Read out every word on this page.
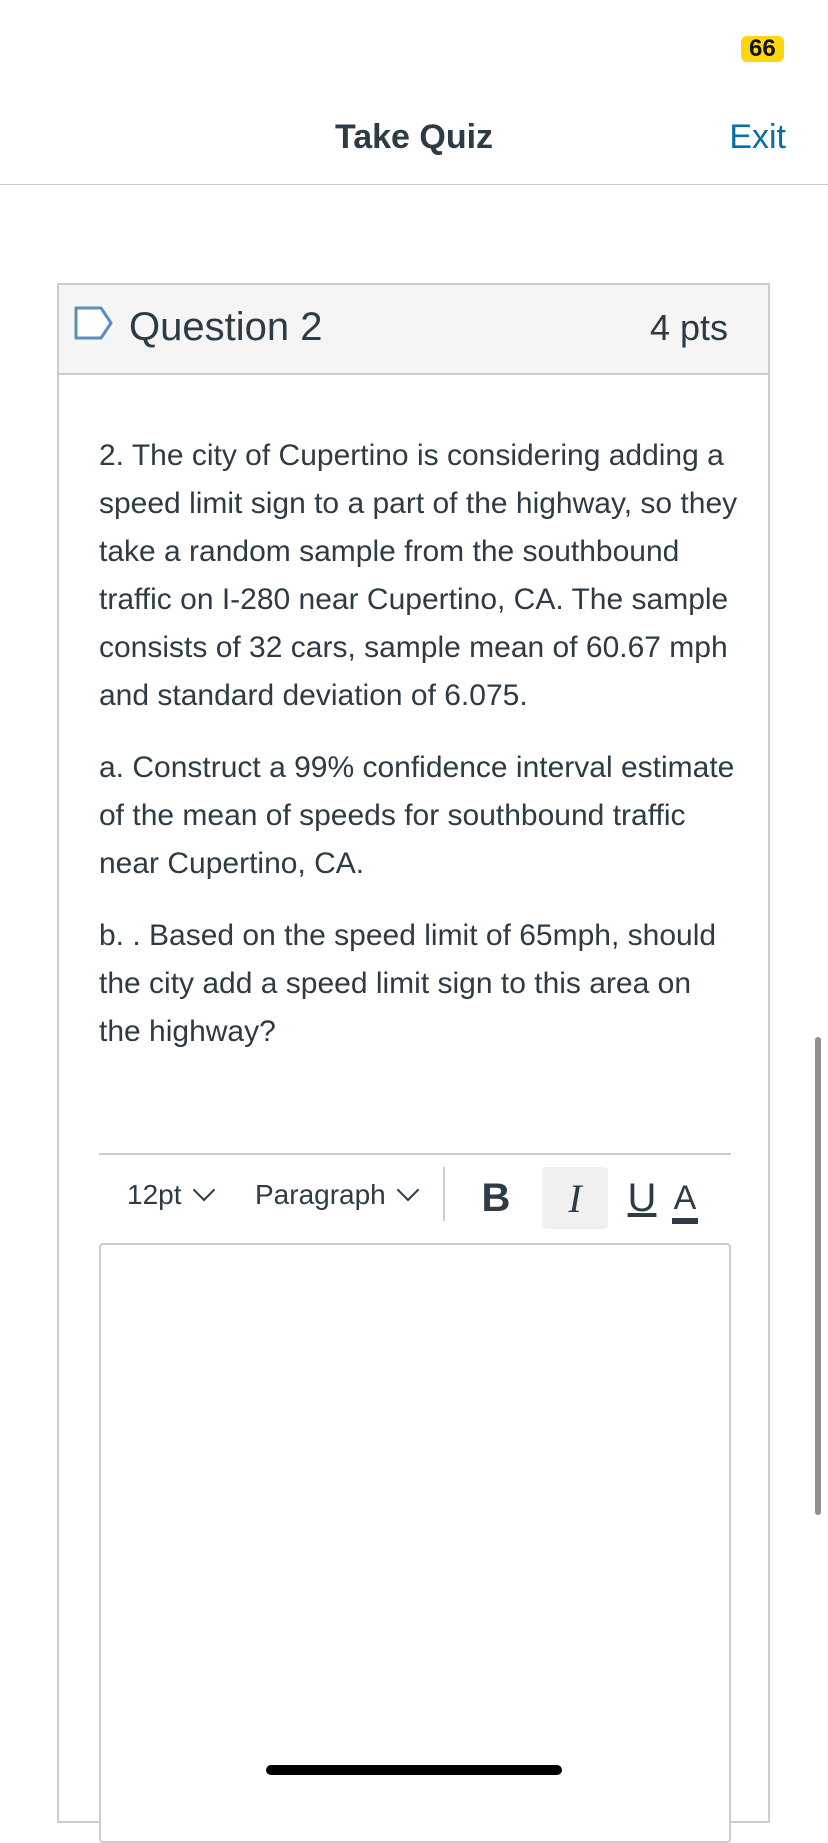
66
Take Quiz	Exit
Question 2	4 pts

2. The city of Cupertino is considering adding a speed limit sign to a part of the highway, so they take a random sample from the southbound traffic on I-280 near Cupertino, CA. The sample consists of 32 cars, sample mean of 60.67 mph and standard deviation of 6.075.

a. Construct a 99% confidence interval estimate of the mean of speeds for southbound traffic near Cupertino, CA.

b. . Based on the speed limit of 65mph, should the city add a speed limit sign to this area on the highway?

12pt	Paragraph	B	I	U A
